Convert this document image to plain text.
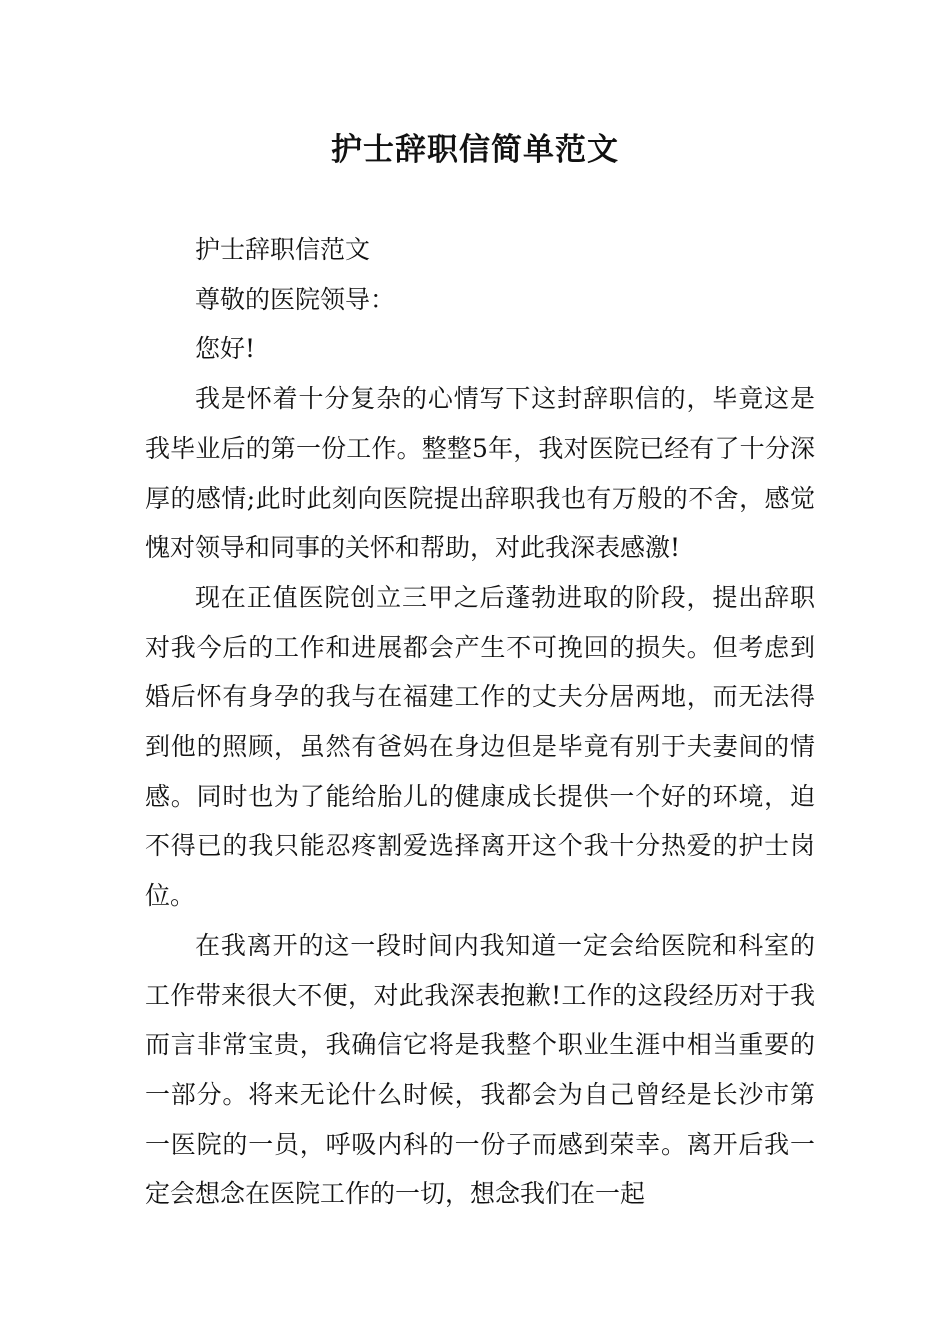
护士辞职信简单范文

护士辞职信范文

尊敬的医院领导：

您好!

我是怀着十分复杂的心情写下这封辞职信的，毕竟这是我毕业后的第一份工作。整整5年，我对医院已经有了十分深厚的感情;此时此刻向医院提出辞职我也有万般的不舍，感觉愧对领导和同事的关怀和帮助，对此我深表感激!

现在正值医院创立三甲之后蓬勃进取的阶段，提出辞职对我今后的工作和进展都会产生不可挽回的损失。但考虑到婚后怀有身孕的我与在福建工作的丈夫分居两地，而无法得到他的照顾，虽然有爸妈在身边但是毕竟有别于夫妻间的情感。同时也为了能给胎儿的健康成长提供一个好的环境，迫不得已的我只能忍疼割爱选择离开这个我十分热爱的护士岗位。

在我离开的这一段时间内我知道一定会给医院和科室的工作带来很大不便，对此我深表抱歉!工作的这段经历对于我而言非常宝贵，我确信它将是我整个职业生涯中相当重要的一部分。将来无论什么时候，我都会为自己曾经是长沙市第一医院的一员，呼吸内科的一份子而感到荣幸。离开后我一定会想念在医院工作的一切，想念我们在一起
